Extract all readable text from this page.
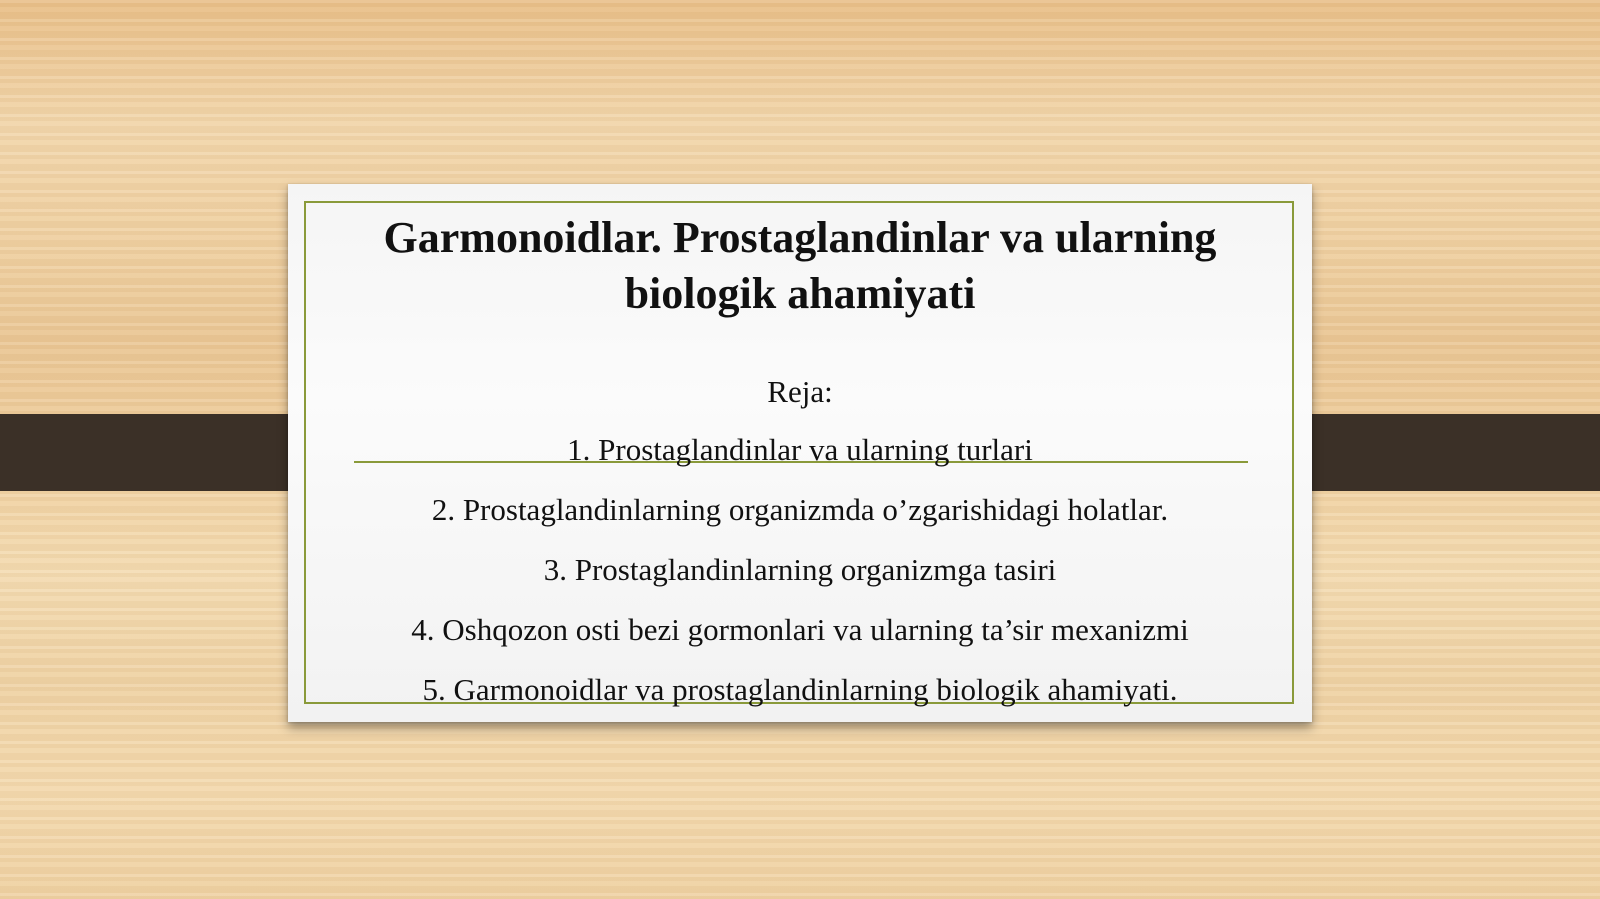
Garmonoidlar. Prostaglandinlar va ularning
biologik ahamiyati

Reja:

1. Prostaglandinlar va ularning turlari
2. Prostaglandinlarning organizmda o’zgarishidagi holatlar.
3. Prostaglandinlarning organizmga tasiri
4. Oshqozon osti bezi gormonlari va ularning ta’sir mexanizmi
5. Garmonoidlar va prostaglandinlarning biologik ahamiyati.
